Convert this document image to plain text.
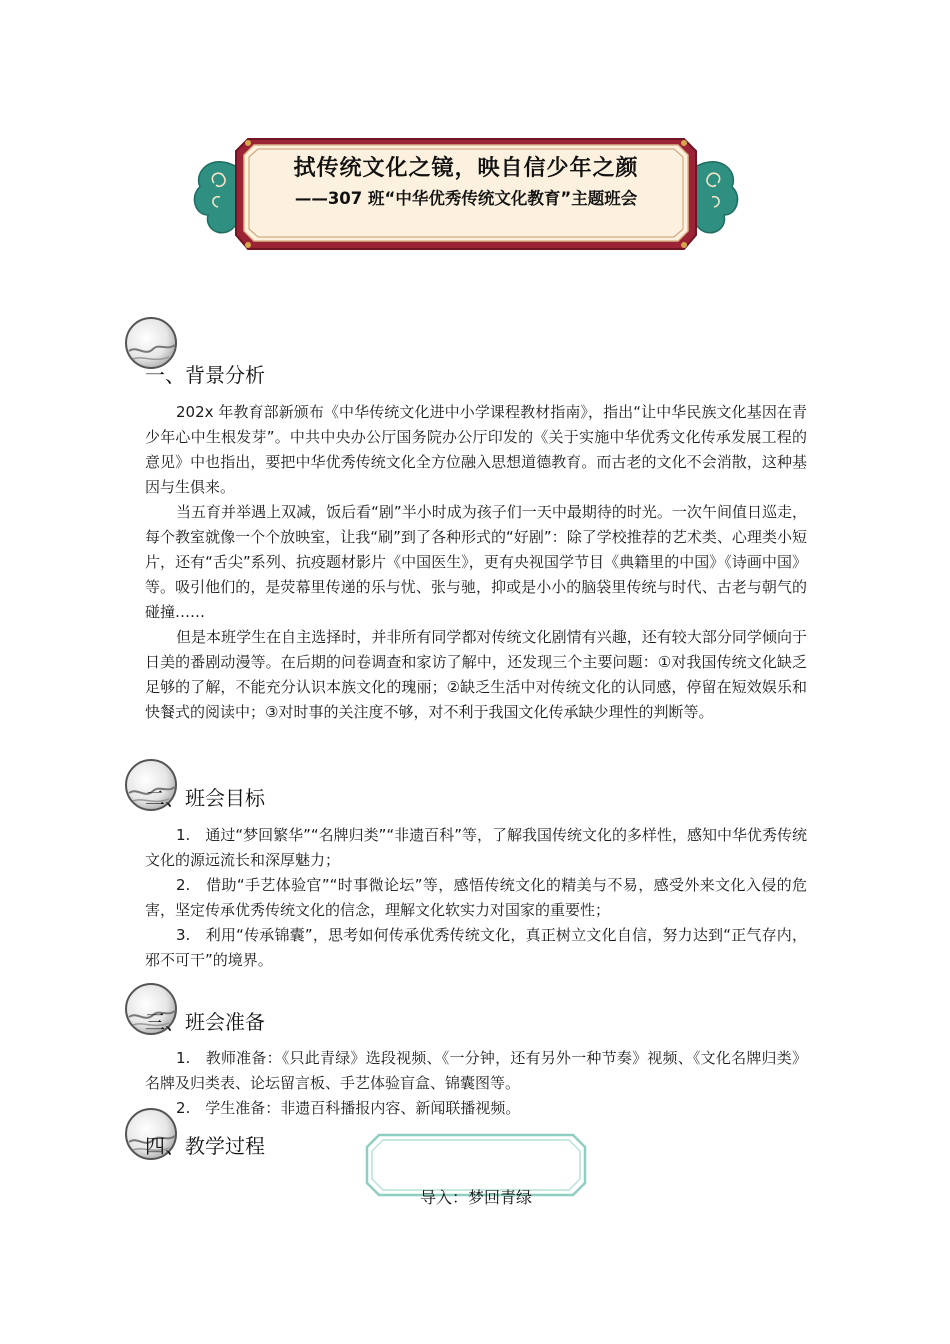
拭传统文化之镜，映自信少年之颜
——307 班“中华优秀传统文化教育”主题班会
一、背景分析

202x 年教育部新颁布《中华传统文化进中小学课程教材指南》，指出“让中华民族文化基因在青少年心中生根发芽”。中共中央办公厅国务院办公厅印发的《关于实施中华优秀文化传承发展工程的意见》中也指出，要把中华优秀传统文化全方位融入思想道德教育。而古老的文化不会消散，这种基因与生俱来。

当五育并举遇上双减，饭后看“剧”半小时成为孩子们一天中最期待的时光。一次午间值日巡走，每个教室就像一个个放映室，让我“刷”到了各种形式的“好剧”：除了学校推荐的艺术类、心理类小短片，还有“舌尖”系列、抗疫题材影片《中国医生》，更有央视国学节目《典籍里的中国》《诗画中国》等。吸引他们的，是荧幕里传递的乐与忧、张与驰，抑或是小小的脑袋里传统与时代、古老与朝气的碰撞……

但是本班学生在自主选择时，并非所有同学都对传统文化剧情有兴趣，还有较大部分同学倾向于日美的番剧动漫等。在后期的问卷调查和家访了解中，还发现三个主要问题：①对我国传统文化缺乏足够的了解，不能充分认识本族文化的瑰丽；②缺乏生活中对传统文化的认同感，停留在短效娱乐和快餐式的阅读中；③对时事的关注度不够，对不利于我国文化传承缺少理性的判断等。

二、班会目标

1.　通过“梦回繁华”“名牌归类”“非遗百科”等，了解我国传统文化的多样性，感知中华优秀传统文化的源远流长和深厚魅力；

2.　借助“手艺体验官”“时事微论坛”等，感悟传统文化的精美与不易，感受外来文化入侵的危害，坚定传承优秀传统文化的信念，理解文化软实力对国家的重要性；

3.　利用“传承锦囊”，思考如何传承优秀传统文化，真正树立文化自信，努力达到“正气存内，邪不可干”的境界。

三、班会准备

1.　教师准备：《只此青绿》选段视频、《一分钟，还有另外一种节奏》视频、《文化名牌归类》名牌及归类表、论坛留言板、手艺体验盲盒、锦囊图等。

2.　学生准备：非遗百科播报内容、新闻联播视频。

四、教学过程
导入：梦回青绿
